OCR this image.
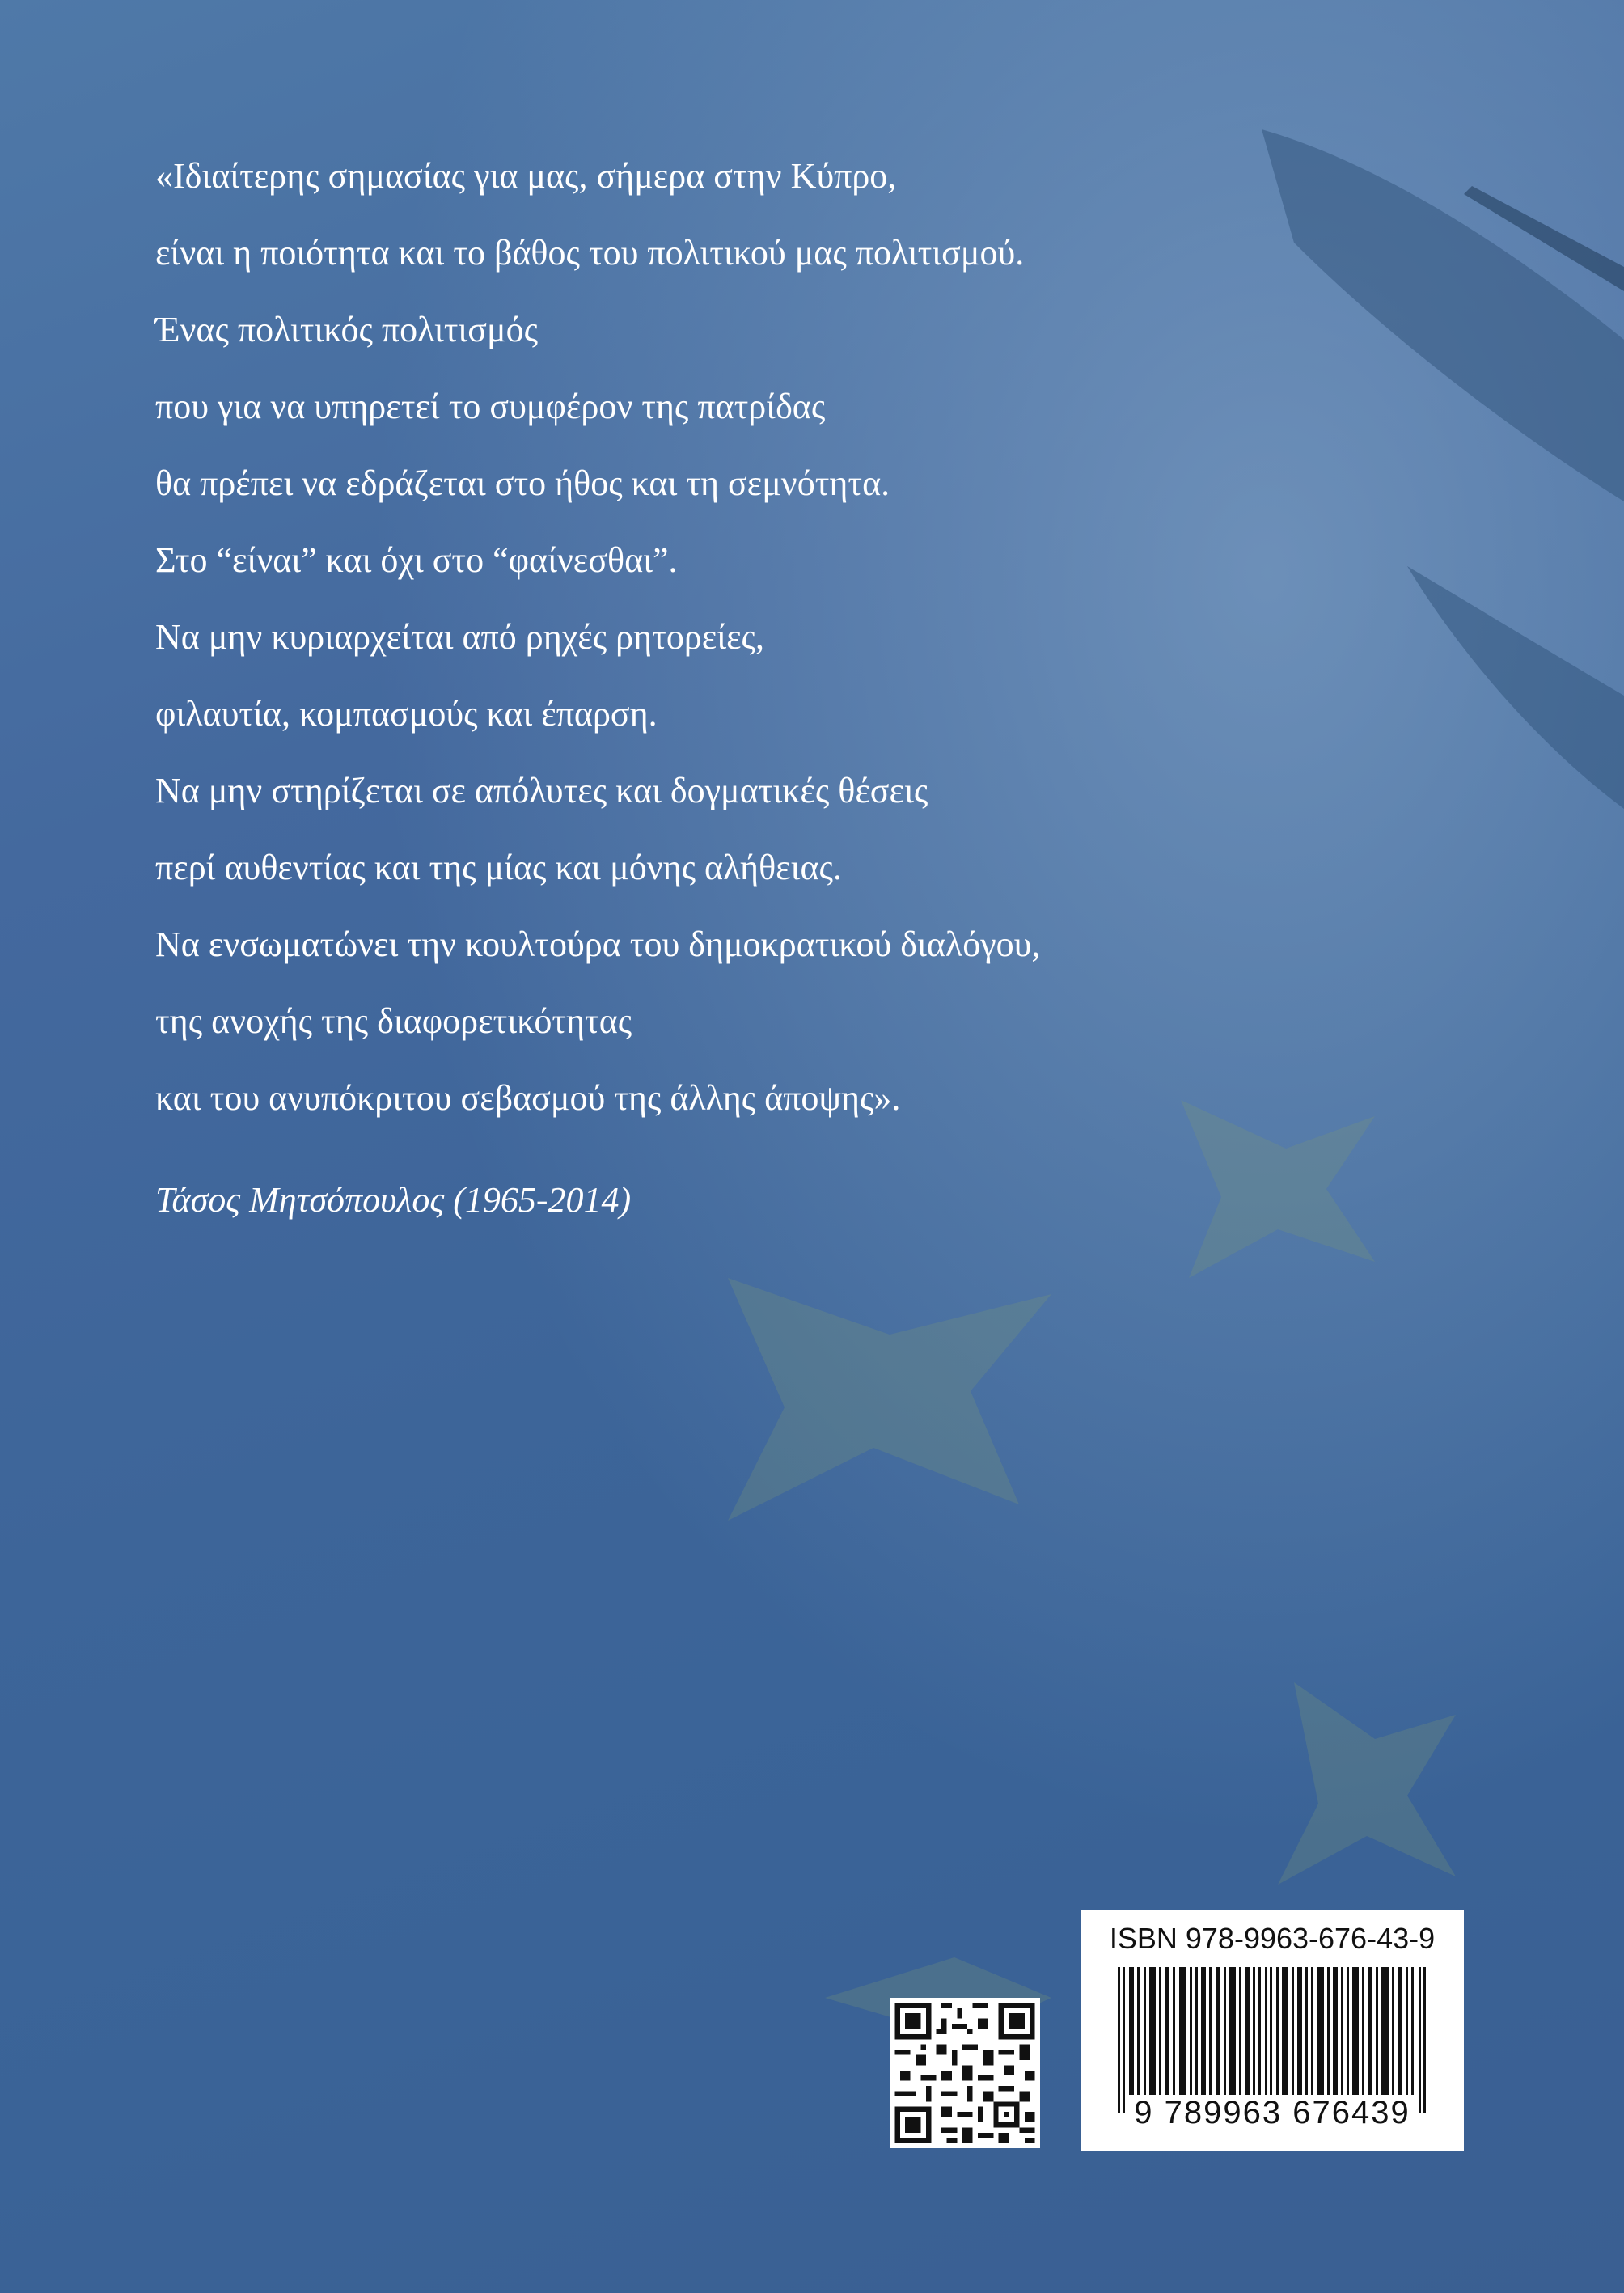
«Ιδιαίτερης σημασίας για μας, σήμερα στην Κύπρο,
είναι η ποιότητα και το βάθος του πολιτικού μας πολιτισμού.
Ένας πολιτικός πολιτισμός
που για να υπηρετεί το συμφέρον της πατρίδας
θα πρέπει να εδράζεται στο ήθος και τη σεμνότητα.
Στο “είναι” και όχι στο “φαίνεσθαι”.
Να μην κυριαρχείται από ρηχές ρητορείες,
φιλαυτία, κομπασμούς και έπαρση.
Να μην στηρίζεται σε απόλυτες και δογματικές θέσεις
περί αυθεντίας και της μίας και μόνης αλήθειας.
Να ενσωματώνει την κουλτούρα του δημοκρατικού διαλόγου,
της ανοχής της διαφορετικότητας
και του ανυπόκριτου σεβασμού της άλλης άποψης».
Τάσος Μητσόπουλος (1965-2014)
ISBN 978-9963-676-43-9
9 789963 676439
